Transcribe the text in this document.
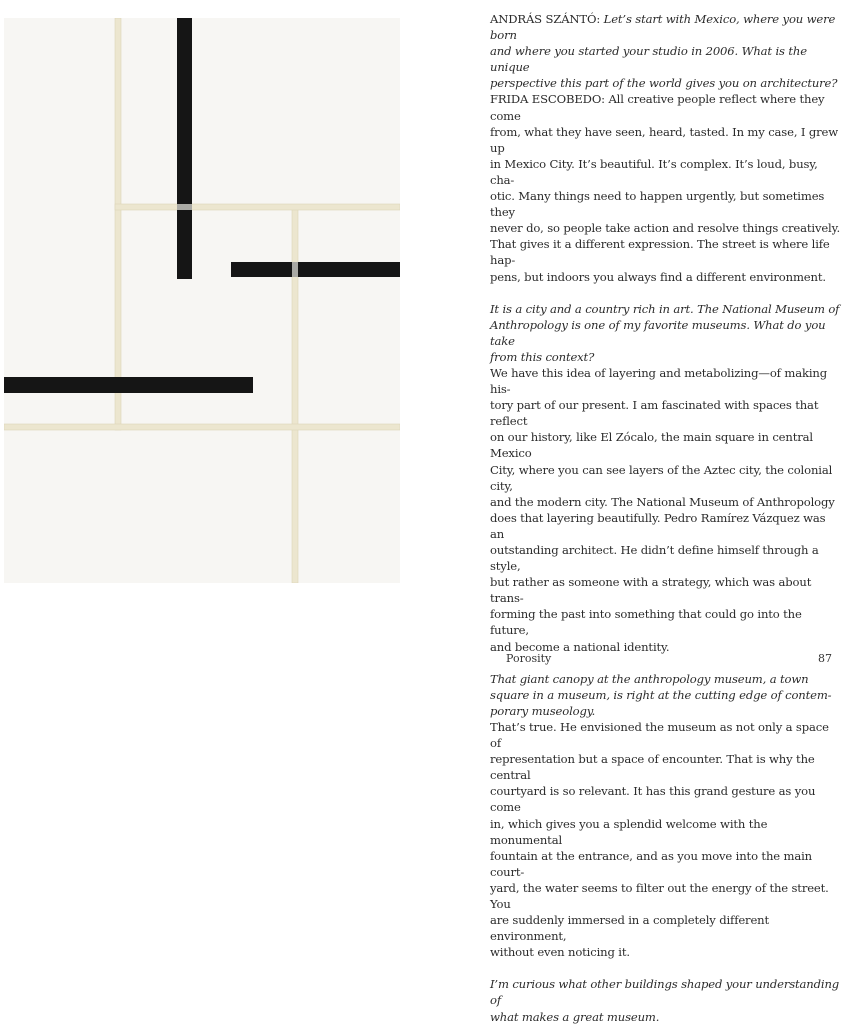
ANDRÁS SZÁNTÓ: Let’s start with Mexico, where you were born
and where you started your studio in 2006. What is the unique
perspective this part of the world gives you on architecture?

FRIDA ESCOBEDO: All creative people reflect where they come
from, what they have seen, heard, tasted. In my case, I grew up
in Mexico City. It’s beautiful. It’s complex. It’s loud, busy, cha-
otic. Many things need to happen urgently, but sometimes they
never do, so people take action and resolve things creatively.
That gives it a different expression. The street is where life hap-
pens, but indoors you always find a different environment.

It is a city and a country rich in art. The National Museum of
Anthropology is one of my favorite museums. What do you take
from this context?

We have this idea of layering and metabolizing—of making his-
tory part of our present. I am fascinated with spaces that reflect
on our history, like El Zócalo, the main square in central Mexico
City, where you can see layers of the Aztec city, the colonial city,
and the modern city. The National Museum of Anthropology
does that layering beautifully. Pedro Ramírez Vázquez was an
outstanding architect. He didn’t define himself through a style,
but rather as someone with a strategy, which was about trans-
forming the past into something that could go into the future,
and become a national identity.

That giant canopy at the anthropology museum, a town
square in a museum, is right at the cutting edge of contem-
porary museology.

That’s true. He envisioned the museum as not only a space of
representation but a space of encounter. That is why the central
courtyard is so relevant. It has this grand gesture as you come
in, which gives you a splendid welcome with the monumental
fountain at the entrance, and as you move into the main court-
yard, the water seems to filter out the energy of the street. You
are suddenly immersed in a completely different environment,
without even noticing it.

I’m curious what other buildings shaped your understanding of
what makes a great museum.

Porosity	87
